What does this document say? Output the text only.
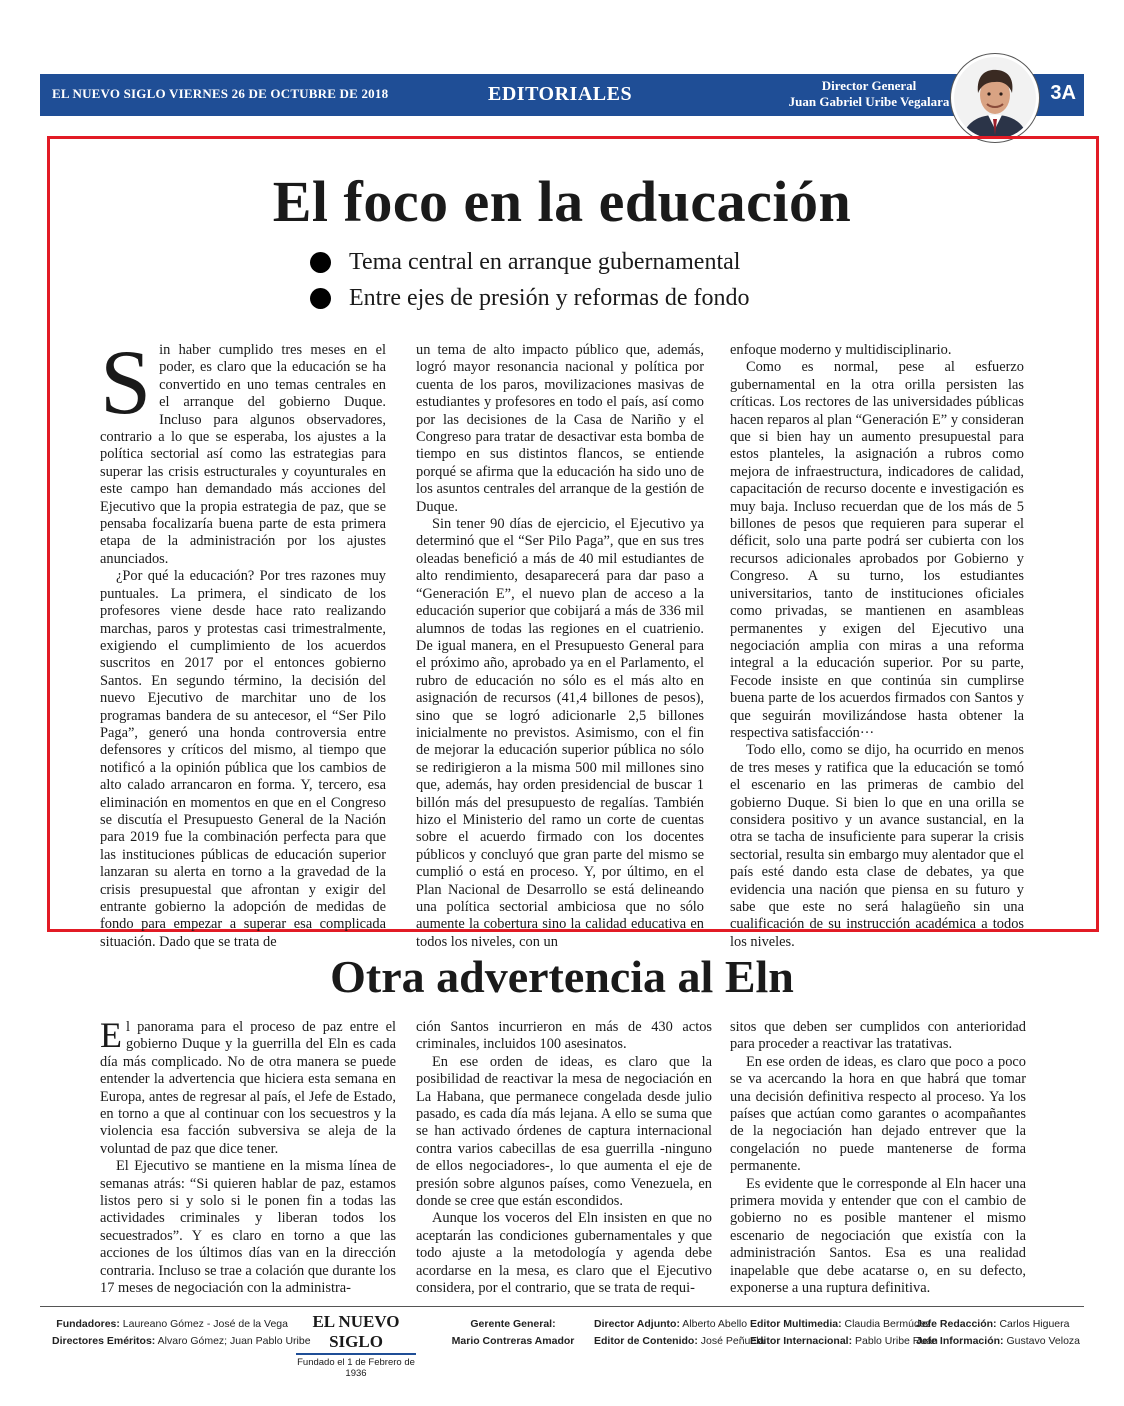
EL NUEVO SIGLO VIERNES 26 DE OCTUBRE DE 2018	EDITORIALES	Director General
Juan Gabriel Uribe Vegalara	3A
El foco en la educación
Tema central en arranque gubernamental
Entre ejes de presión y reformas de fondo
S in haber cumplido tres meses en el poder, es claro que la educación se ha convertido en uno temas centrales en el arranque del gobierno Duque. Incluso para algunos observadores, contrario a lo que se esperaba, los ajustes a la política sectorial así como las estrategias para superar las crisis estructurales y coyunturales en este campo han demandado más acciones del Ejecutivo que la propia estrategia de paz, que se pensaba focalizaría buena parte de esta primera etapa de la administración por los ajustes anunciados.

¿Por qué la educación? Por tres razones muy puntuales. La primera, el sindicato de los profesores viene desde hace rato realizando marchas, paros y protestas casi trimestralmente, exigiendo el cumplimiento de los acuerdos suscritos en 2017 por el entonces gobierno Santos. En segundo término, la decisión del nuevo Ejecutivo de marchitar uno de los programas bandera de su antecesor, el “Ser Pilo Paga”, generó una honda controversia entre defensores y críticos del mismo, al tiempo que notificó a la opinión pública que los cambios de alto calado arrancaron en forma. Y, tercero, esa eliminación en momentos en que en el Congreso se discutía el Presupuesto General de la Nación para 2019 fue la combinación perfecta para que las instituciones públicas de educación superior lanzaran su alerta en torno a la gravedad de la crisis presupuestal que afrontan y exigir del entrante gobierno la adopción de medidas de fondo para empezar a superar esa complicada situación. Dado que se trata de

un tema de alto impacto público que, además, logró mayor resonancia nacional y política por cuenta de los paros, movilizaciones masivas de estudiantes y profesores en todo el país, así como por las decisiones de la Casa de Nariño y el Congreso para tratar de desactivar esta bomba de tiempo en sus distintos flancos, se entiende porqué se afirma que la educación ha sido uno de los asuntos centrales del arranque de la gestión de Duque.

Sin tener 90 días de ejercicio, el Ejecutivo ya determinó que el “Ser Pilo Paga”, que en sus tres oleadas benefició a más de 40 mil estudiantes de alto rendimiento, desaparecerá para dar paso a “Generación E”, el nuevo plan de acceso a la educación superior que cobijará a más de 336 mil alumnos de todas las regiones en el cuatrienio. De igual manera, en el Presupuesto General para el próximo año, aprobado ya en el Parlamento, el rubro de educación no sólo es el más alto en asignación de recursos (41,4 billones de pesos), sino que se logró adicionarle 2,5 billones inicialmente no previstos. Asimismo, con el fin de mejorar la educación superior pública no sólo se redirigieron a la misma 500 mil millones sino que, además, hay orden presidencial de buscar 1 billón más del presupuesto de regalías. También hizo el Ministerio del ramo un corte de cuentas sobre el acuerdo firmado con los docentes públicos y concluyó que gran parte del mismo se cumplió o está en proceso. Y, por último, en el Plan Nacional de Desarrollo se está delineando una política sectorial ambiciosa que no sólo aumente la cobertura sino la calidad educativa en todos los niveles, con un

enfoque moderno y multidisciplinario.

Como es normal, pese al esfuerzo gubernamental en la otra orilla persisten las críticas. Los rectores de las universidades públicas hacen reparos al plan “Generación E” y consideran que si bien hay un aumento presupuestal para estos planteles, la asignación a rubros como mejora de infraestructura, indicadores de calidad, capacitación de recurso docente e investigación es muy baja. Incluso recuerdan que de los más de 5 billones de pesos que requieren para superar el déficit, solo una parte podrá ser cubierta con los recursos adicionales aprobados por Gobierno y Congreso. A su turno, los estudiantes universitarios, tanto de instituciones oficiales como privadas, se mantienen en asambleas permanentes y exigen del Ejecutivo una negociación amplia con miras a una reforma integral a la educación superior. Por su parte, Fecode insiste en que continúa sin cumplirse buena parte de los acuerdos firmados con Santos y que seguirán movilizándose hasta obtener la respectiva satisfacción···

Todo ello, como se dijo, ha ocurrido en menos de tres meses y ratifica que la educación se tomó el escenario en las primeras de cambio del gobierno Duque. Si bien lo que en una orilla se considera positivo y un avance sustancial, en la otra se tacha de insuficiente para superar la crisis sectorial, resulta sin embargo muy alentador que el país esté dando esta clase de debates, ya que evidencia una nación que piensa en su futuro y sabe que este no será halagüeño sin una cualificación de su instrucción académica a todos los niveles.

Otra advertencia al Eln
E l panorama para el proceso de paz entre el gobierno Duque y la guerrilla del Eln es cada día más complicado. No de otra manera se puede entender la advertencia que hiciera esta semana en Europa, antes de regresar al país, el Jefe de Estado, en torno a que al continuar con los secuestros y la violencia esa facción subversiva se aleja de la voluntad de paz que dice tener.

El Ejecutivo se mantiene en la misma línea de semanas atrás: “Si quieren hablar de paz, estamos listos pero si y solo si le ponen fin a todas las actividades criminales y liberan todos los secuestrados”. Y es claro en torno a que las acciones de los últimos días van en la dirección contraria. Incluso se trae a colación que durante los 17 meses de negociación con la administra-

ción Santos incurrieron en más de 430 actos criminales, incluidos 100 asesinatos.

En ese orden de ideas, es claro que la posibilidad de reactivar la mesa de negociación en La Habana, que permanece congelada desde julio pasado, es cada día más lejana. A ello se suma que se han activado órdenes de captura internacional contra varios cabecillas de esa guerrilla -ninguno de ellos negociadores-, lo que aumenta el eje de presión sobre algunos países, como Venezuela, en donde se cree que están escondidos.

Aunque los voceros del Eln insisten en que no aceptarán las condiciones gubernamentales y que todo ajuste a la metodología y agenda debe acordarse en la mesa, es claro que el Ejecutivo considera, por el contrario, que se trata de requi-

sitos que deben ser cumplidos con anterioridad para proceder a reactivar las tratativas.

En ese orden de ideas, es claro que poco a poco se va acercando la hora en que habrá que tomar una decisión definitiva respecto al proceso. Ya los países que actúan como garantes o acompañantes de la negociación han dejado entrever que la congelación no puede mantenerse de forma permanente.

Es evidente que le corresponde al Eln hacer una primera movida y entender que con el cambio de gobierno no es posible mantener el mismo escenario de negociación que existía con la administración Santos. Esa es una realidad inapelable que debe acatarse o, en su defecto, exponerse a una ruptura definitiva.

Fundadores: Laureano Gómez - José de la Vega
Directores Eméritos: Alvaro Gómez; Juan Pablo Uribe
EL NUEVO SIGLO
Fundado el 1 de Febrero de 1936
Gerente General:
Mario Contreras Amador
Director Adjunto: Alberto Abello
Editor de Contenido: José Peñuela
Editor Multimedia: Claudia Bermúdez
Editor Internacional: Pablo Uribe Ruan
Jefe Redacción: Carlos Higuera
Jefe Información: Gustavo Veloza
